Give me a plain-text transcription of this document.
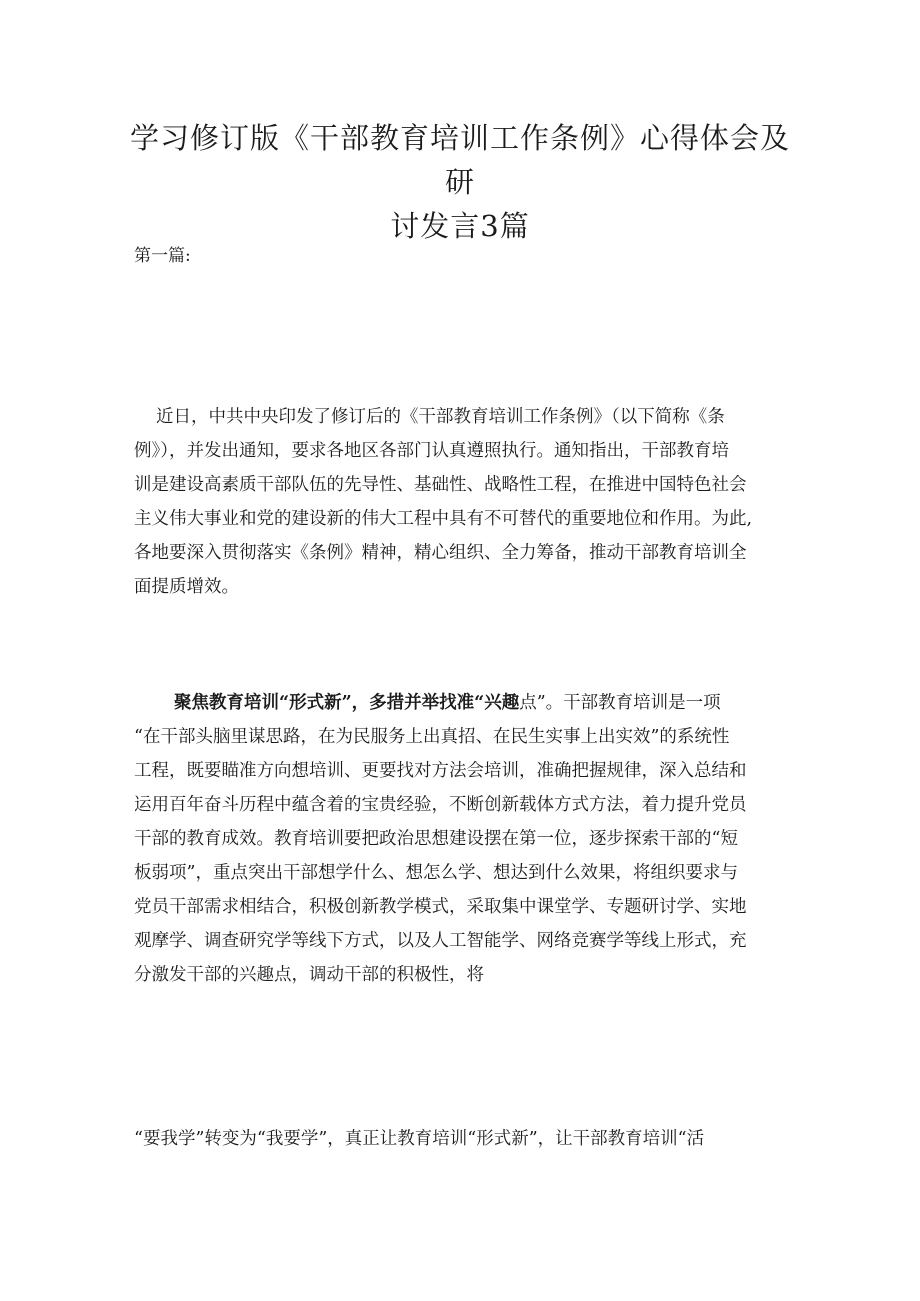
学习修订版《干部教育培训工作条例》心得体会及研
讨发言3篇
第一篇:
近日，中共中央印发了修订后的《干部教育培训工作条例》（以下简称《条
例》），并发出通知，要求各地区各部门认真遵照执行。通知指出，干部教育培
训是建设高素质干部队伍的先导性、基础性、战略性工程，在推进中国特色社会
主义伟大事业和党的建设新的伟大工程中具有不可替代的重要地位和作用。为此,
各地要深入贯彻落实《条例》精神，精心组织、全力筹备，推动干部教育培训全
面提质增效。
聚焦教育培训“形式新”，多措并举找准“兴趣点”。干部教育培训是一项
“在干部头脑里谋思路，在为民服务上出真招、在民生实事上出实效”的系统性
工程，既要瞄准方向想培训、更要找对方法会培训，准确把握规律，深入总结和
运用百年奋斗历程中蕴含着的宝贵经验，不断创新载体方式方法，着力提升党员
干部的教育成效。教育培训要把政治思想建设摆在第一位，逐步探索干部的“短
板弱项”，重点突出干部想学什么、想怎么学、想达到什么效果，将组织要求与
党员干部需求相结合，积极创新教学模式，采取集中课堂学、专题研讨学、实地
观摩学、调查研究学等线下方式，以及人工智能学、网络竞赛学等线上形式，充
分激发干部的兴趣点，调动干部的积极性，将
“要我学”转变为“我要学”，真正让教育培训“形式新”，让干部教育培训“活
